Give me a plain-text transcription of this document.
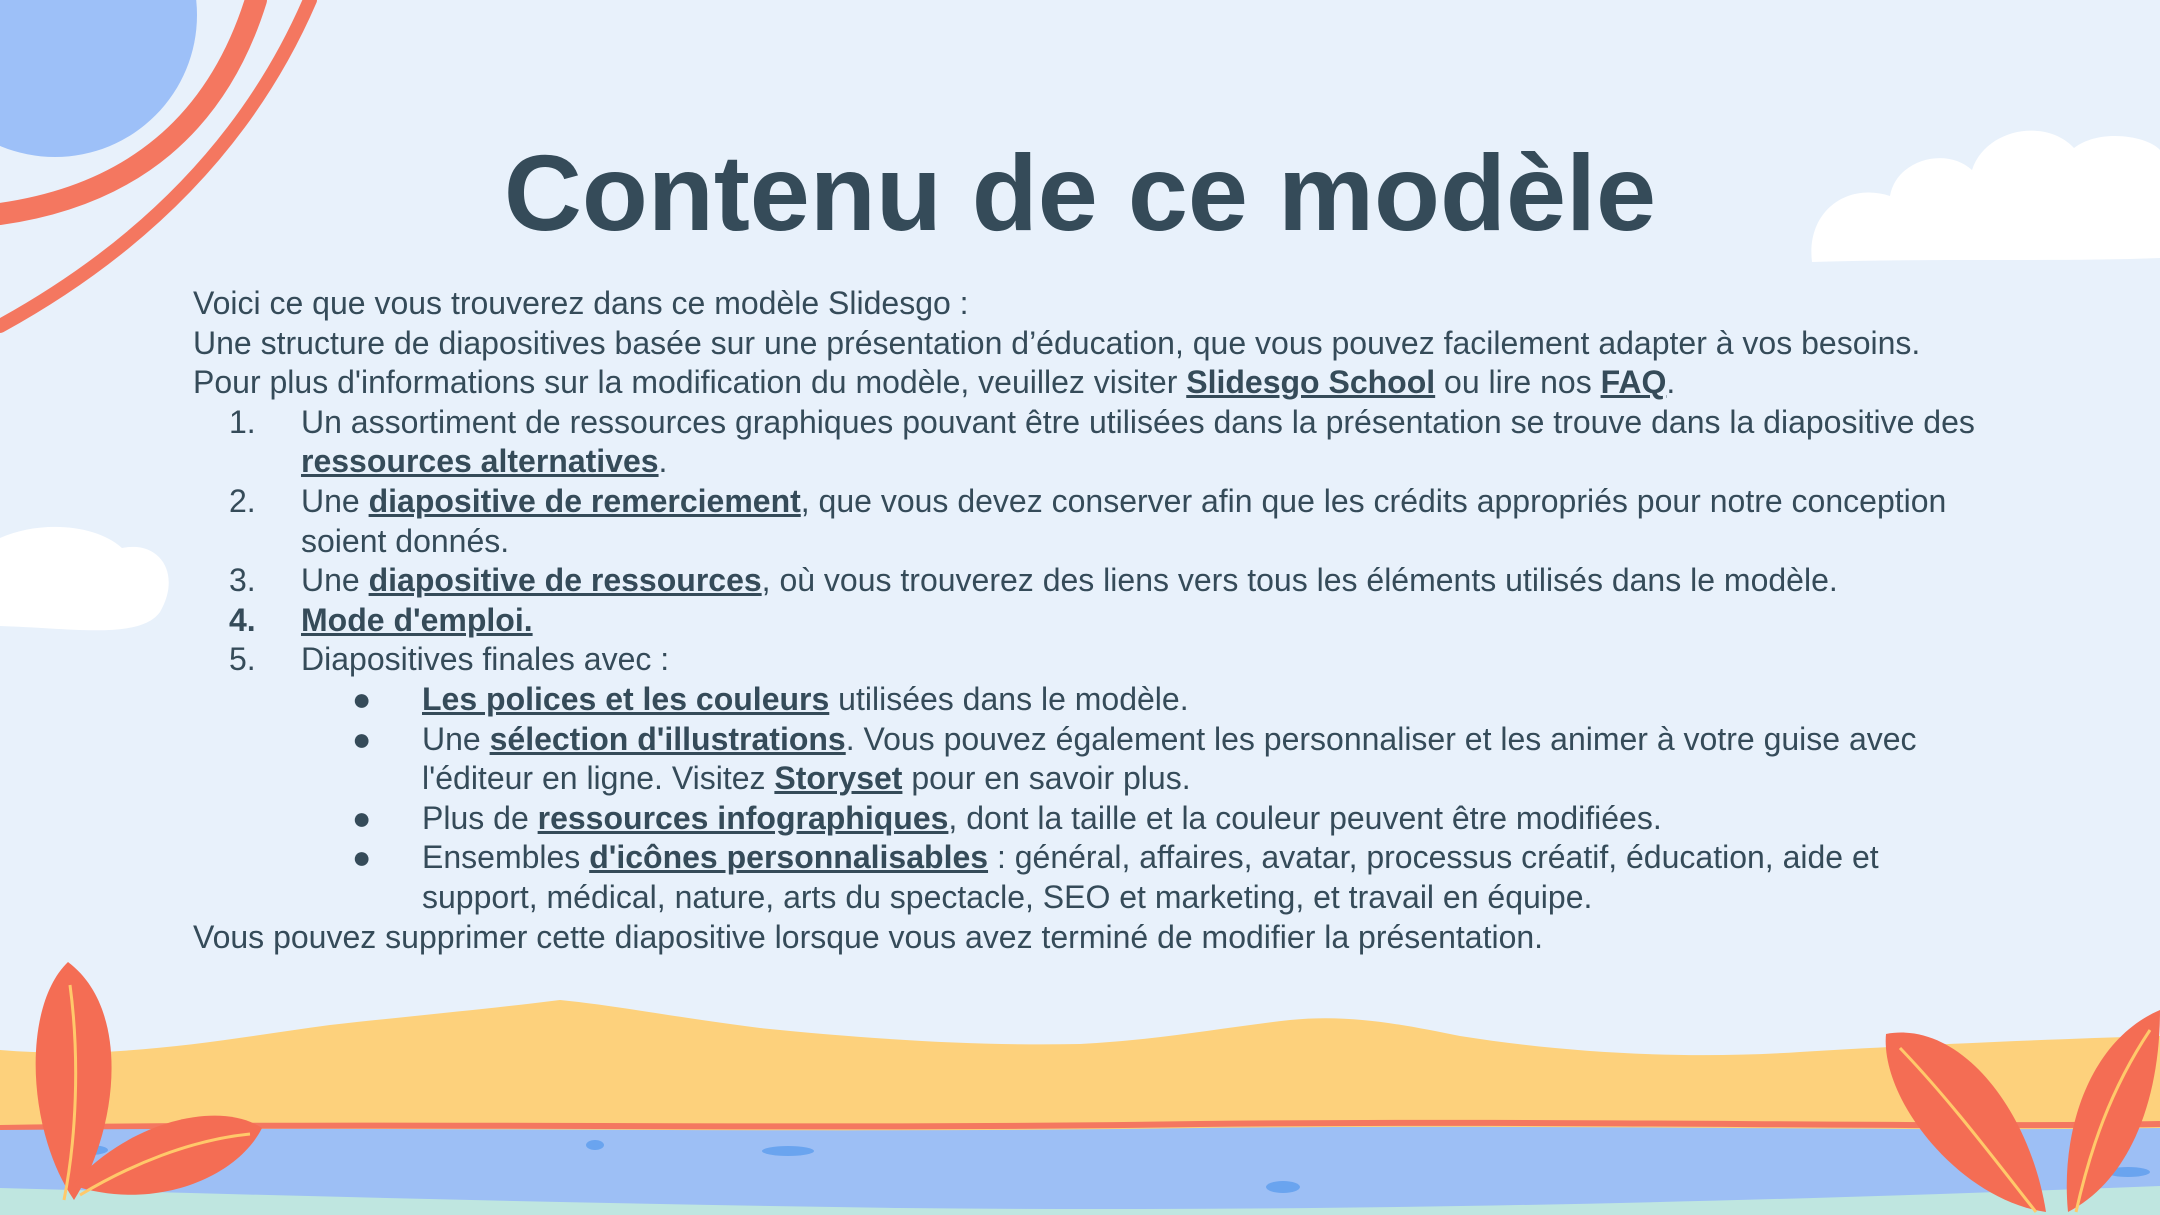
Contenu de ce modèle

Voici ce que vous trouverez dans ce modèle Slidesgo :

Une structure de diapositives basée sur une présentation d’éducation, que vous pouvez facilement adapter à vos besoins. Pour plus d'informations sur la modification du modèle, veuillez visiter Slidesgo School ou lire nos FAQ.

1. Un assortiment de ressources graphiques pouvant être utilisées dans la présentation se trouve dans la diapositive des ressources alternatives.
2. Une diapositive de remerciement, que vous devez conserver afin que les crédits appropriés pour notre conception soient donnés.
3. Une diapositive de ressources, où vous trouverez des liens vers tous les éléments utilisés dans le modèle.
4. Mode d'emploi.
5. Diapositives finales avec :
● Les polices et les couleurs utilisées dans le modèle.
● Une sélection d'illustrations. Vous pouvez également les personnaliser et les animer à votre guise avec l'éditeur en ligne. Visitez Storyset pour en savoir plus.
● Plus de ressources infographiques, dont la taille et la couleur peuvent être modifiées.
● Ensembles d'icônes personnalisables : général, affaires, avatar, processus créatif, éducation, aide et support, médical, nature, arts du spectacle, SEO et marketing, et travail en équipe.

Vous pouvez supprimer cette diapositive lorsque vous avez terminé de modifier la présentation.
